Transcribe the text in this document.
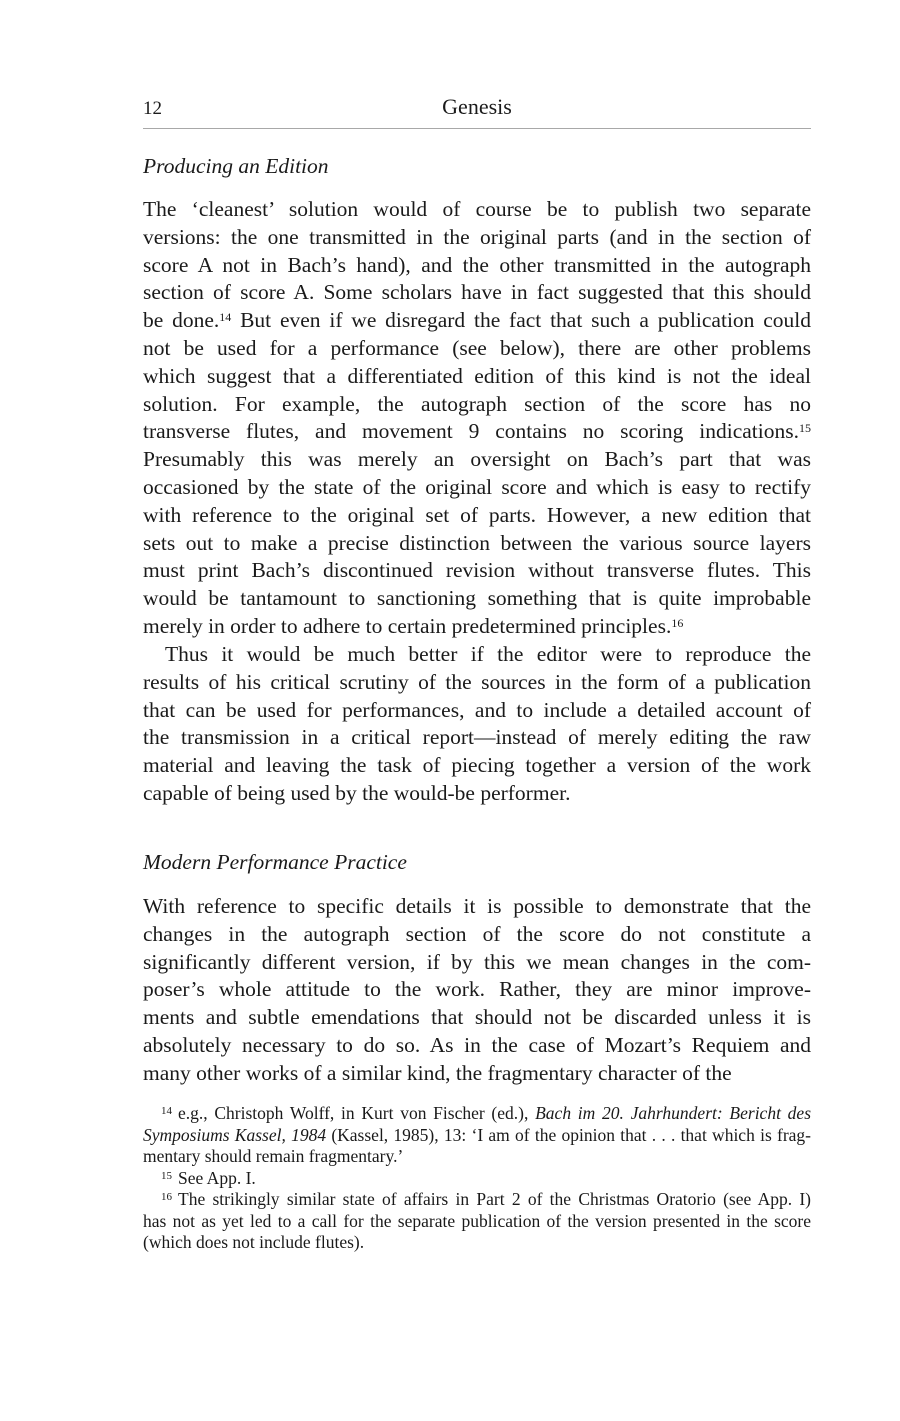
12	Genesis
Producing an Edition
The ‘cleanest’ solution would of course be to publish two separate
versions: the one transmitted in the original parts (and in the section of
score A not in Bach’s hand), and the other transmitted in the autograph
section of score A. Some scholars have in fact suggested that this should
be done.$^{14}$ But even if we disregard the fact that such a publication could
not be used for a performance (see below), there are other problems
which suggest that a differentiated edition of this kind is not the ideal
solution. For example, the autograph section of the score has no
transverse flutes, and movement 9 contains no scoring indications.$^{15}$
Presumably this was merely an oversight on Bach’s part that was
occasioned by the state of the original score and which is easy to rectify
with reference to the original set of parts. However, a new edition that
sets out to make a precise distinction between the various source layers
must print Bach’s discontinued revision without transverse flutes. This
would be tantamount to sanctioning something that is quite improbable
merely in order to adhere to certain predetermined principles.$^{16}$
Thus it would be much better if the editor were to reproduce the
results of his critical scrutiny of the sources in the form of a publication
that can be used for performances, and to include a detailed account of
the transmission in a critical report—instead of merely editing the raw
material and leaving the task of piecing together a version of the work
capable of being used by the would-be performer.
Modern Performance Practice
With reference to specific details it is possible to demonstrate that the
changes in the autograph section of the score do not constitute a
significantly different version, if by this we mean changes in the com-
poser’s whole attitude to the work. Rather, they are minor improve-
ments and subtle emendations that should not be discarded unless it is
absolutely necessary to do so. As in the case of Mozart’s Requiem and
many other works of a similar kind, the fragmentary character of the
$^{14}$ e.g., Christoph Wolff, in Kurt von Fischer (ed.), Bach im 20. Jahrhundert: Bericht des
Symposiums Kassel, 1984 (Kassel, 1985), 13: ‘I am of the opinion that . . . that which is frag-
mentary should remain fragmentary.’
$^{15}$ See App. I.
$^{16}$ The strikingly similar state of affairs in Part 2 of the Christmas Oratorio (see App. I)
has not as yet led to a call for the separate publication of the version presented in the score
(which does not include flutes).
